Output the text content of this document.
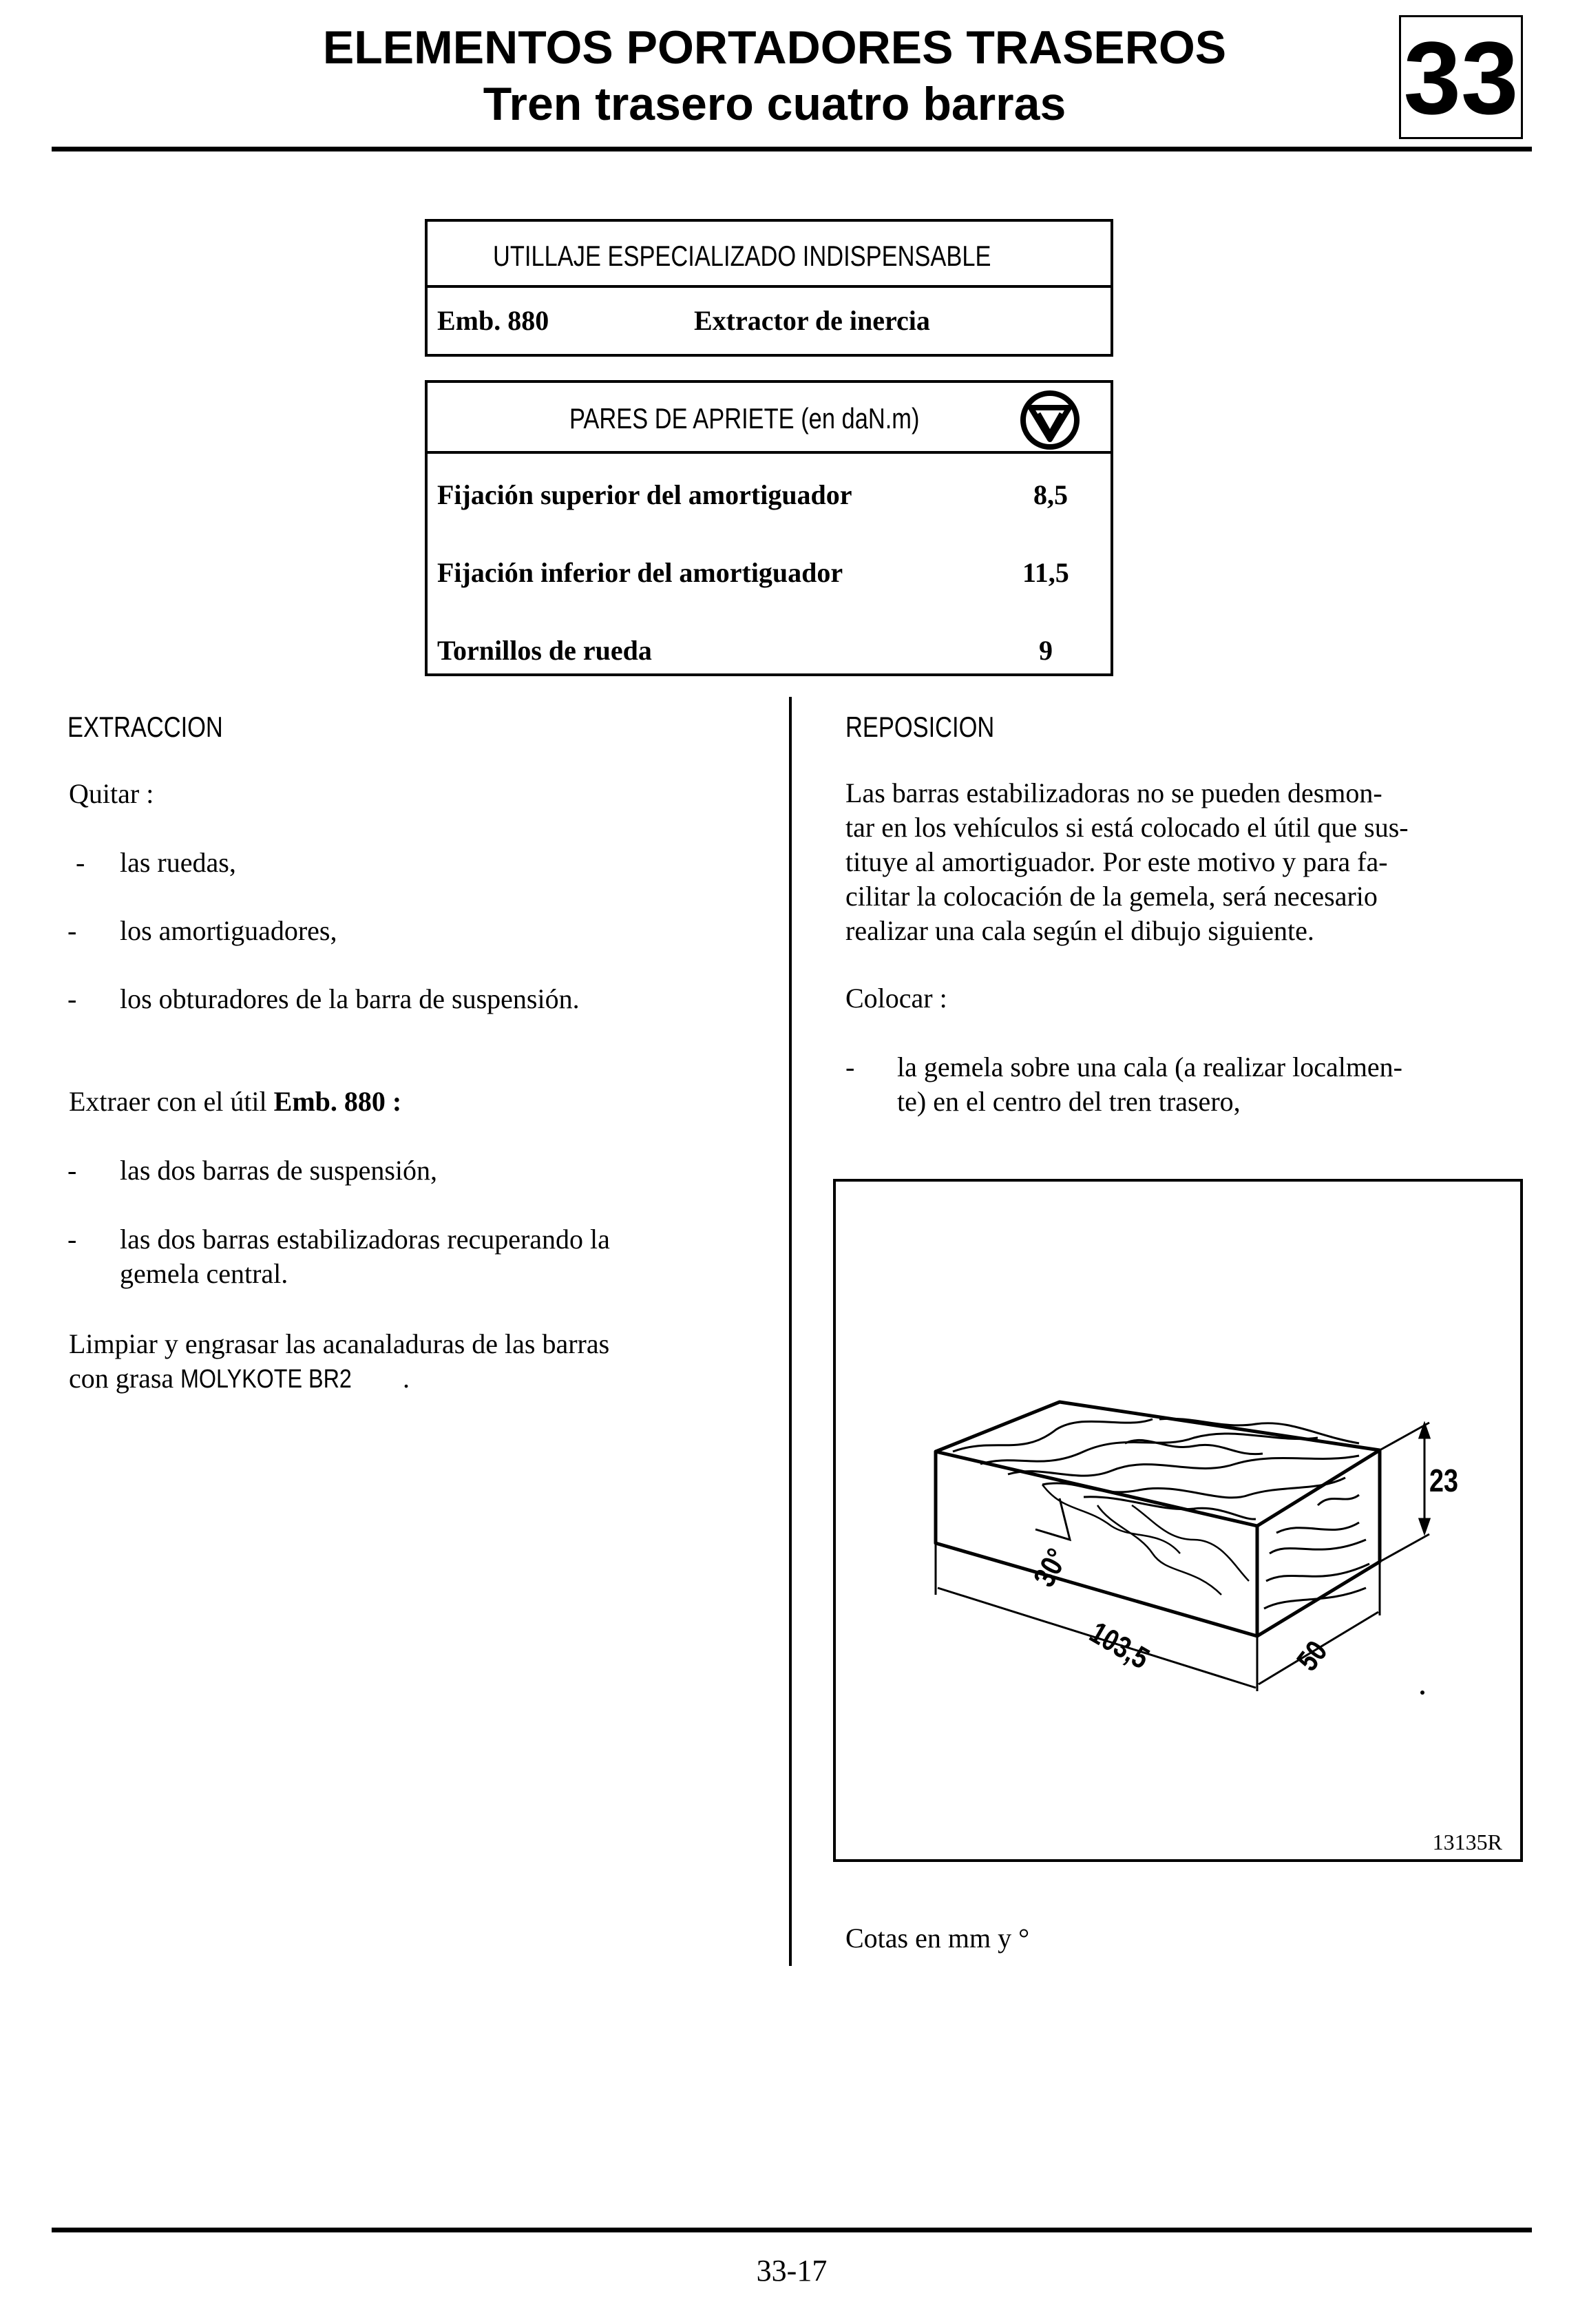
ELEMENTOS PORTADORES TRASEROS
Tren trasero cuatro barras	33
UTILLAJE ESPECIALIZADO INDISPENSABLE
Emb. 880	Extractor de inercia
PARES DE APRIETE (en daN.m)
Fijación superior del amortiguador	8,5
Fijación inferior del amortiguador	11,5
Tornillos de rueda	9
EXTRACCION
Quitar :
- las ruedas,
- los amortiguadores,
- los obturadores de la barra de suspensión.
Extraer con el útil Emb. 880 :
- las dos barras de suspensión,
- las dos barras estabilizadoras recuperando la
gemela central.
Limpiar y engrasar las acanaladuras de las barras
con grasa MOLYKOTE BR2 .
REPOSICION
Las barras estabilizadoras no se pueden desmon-
tar en los vehículos si está colocado el útil que sus-
tituye al amortiguador. Por este motivo y para fa-
cilitar la colocación de la gemela, será necesario
realizar una cala según el dibujo siguiente.
Colocar :
- la gemela sobre una cala (a realizar localmen-
te) en el centro del tren trasero,
23
30°
103,5	50
13135R
Cotas en mm y °
33-17
